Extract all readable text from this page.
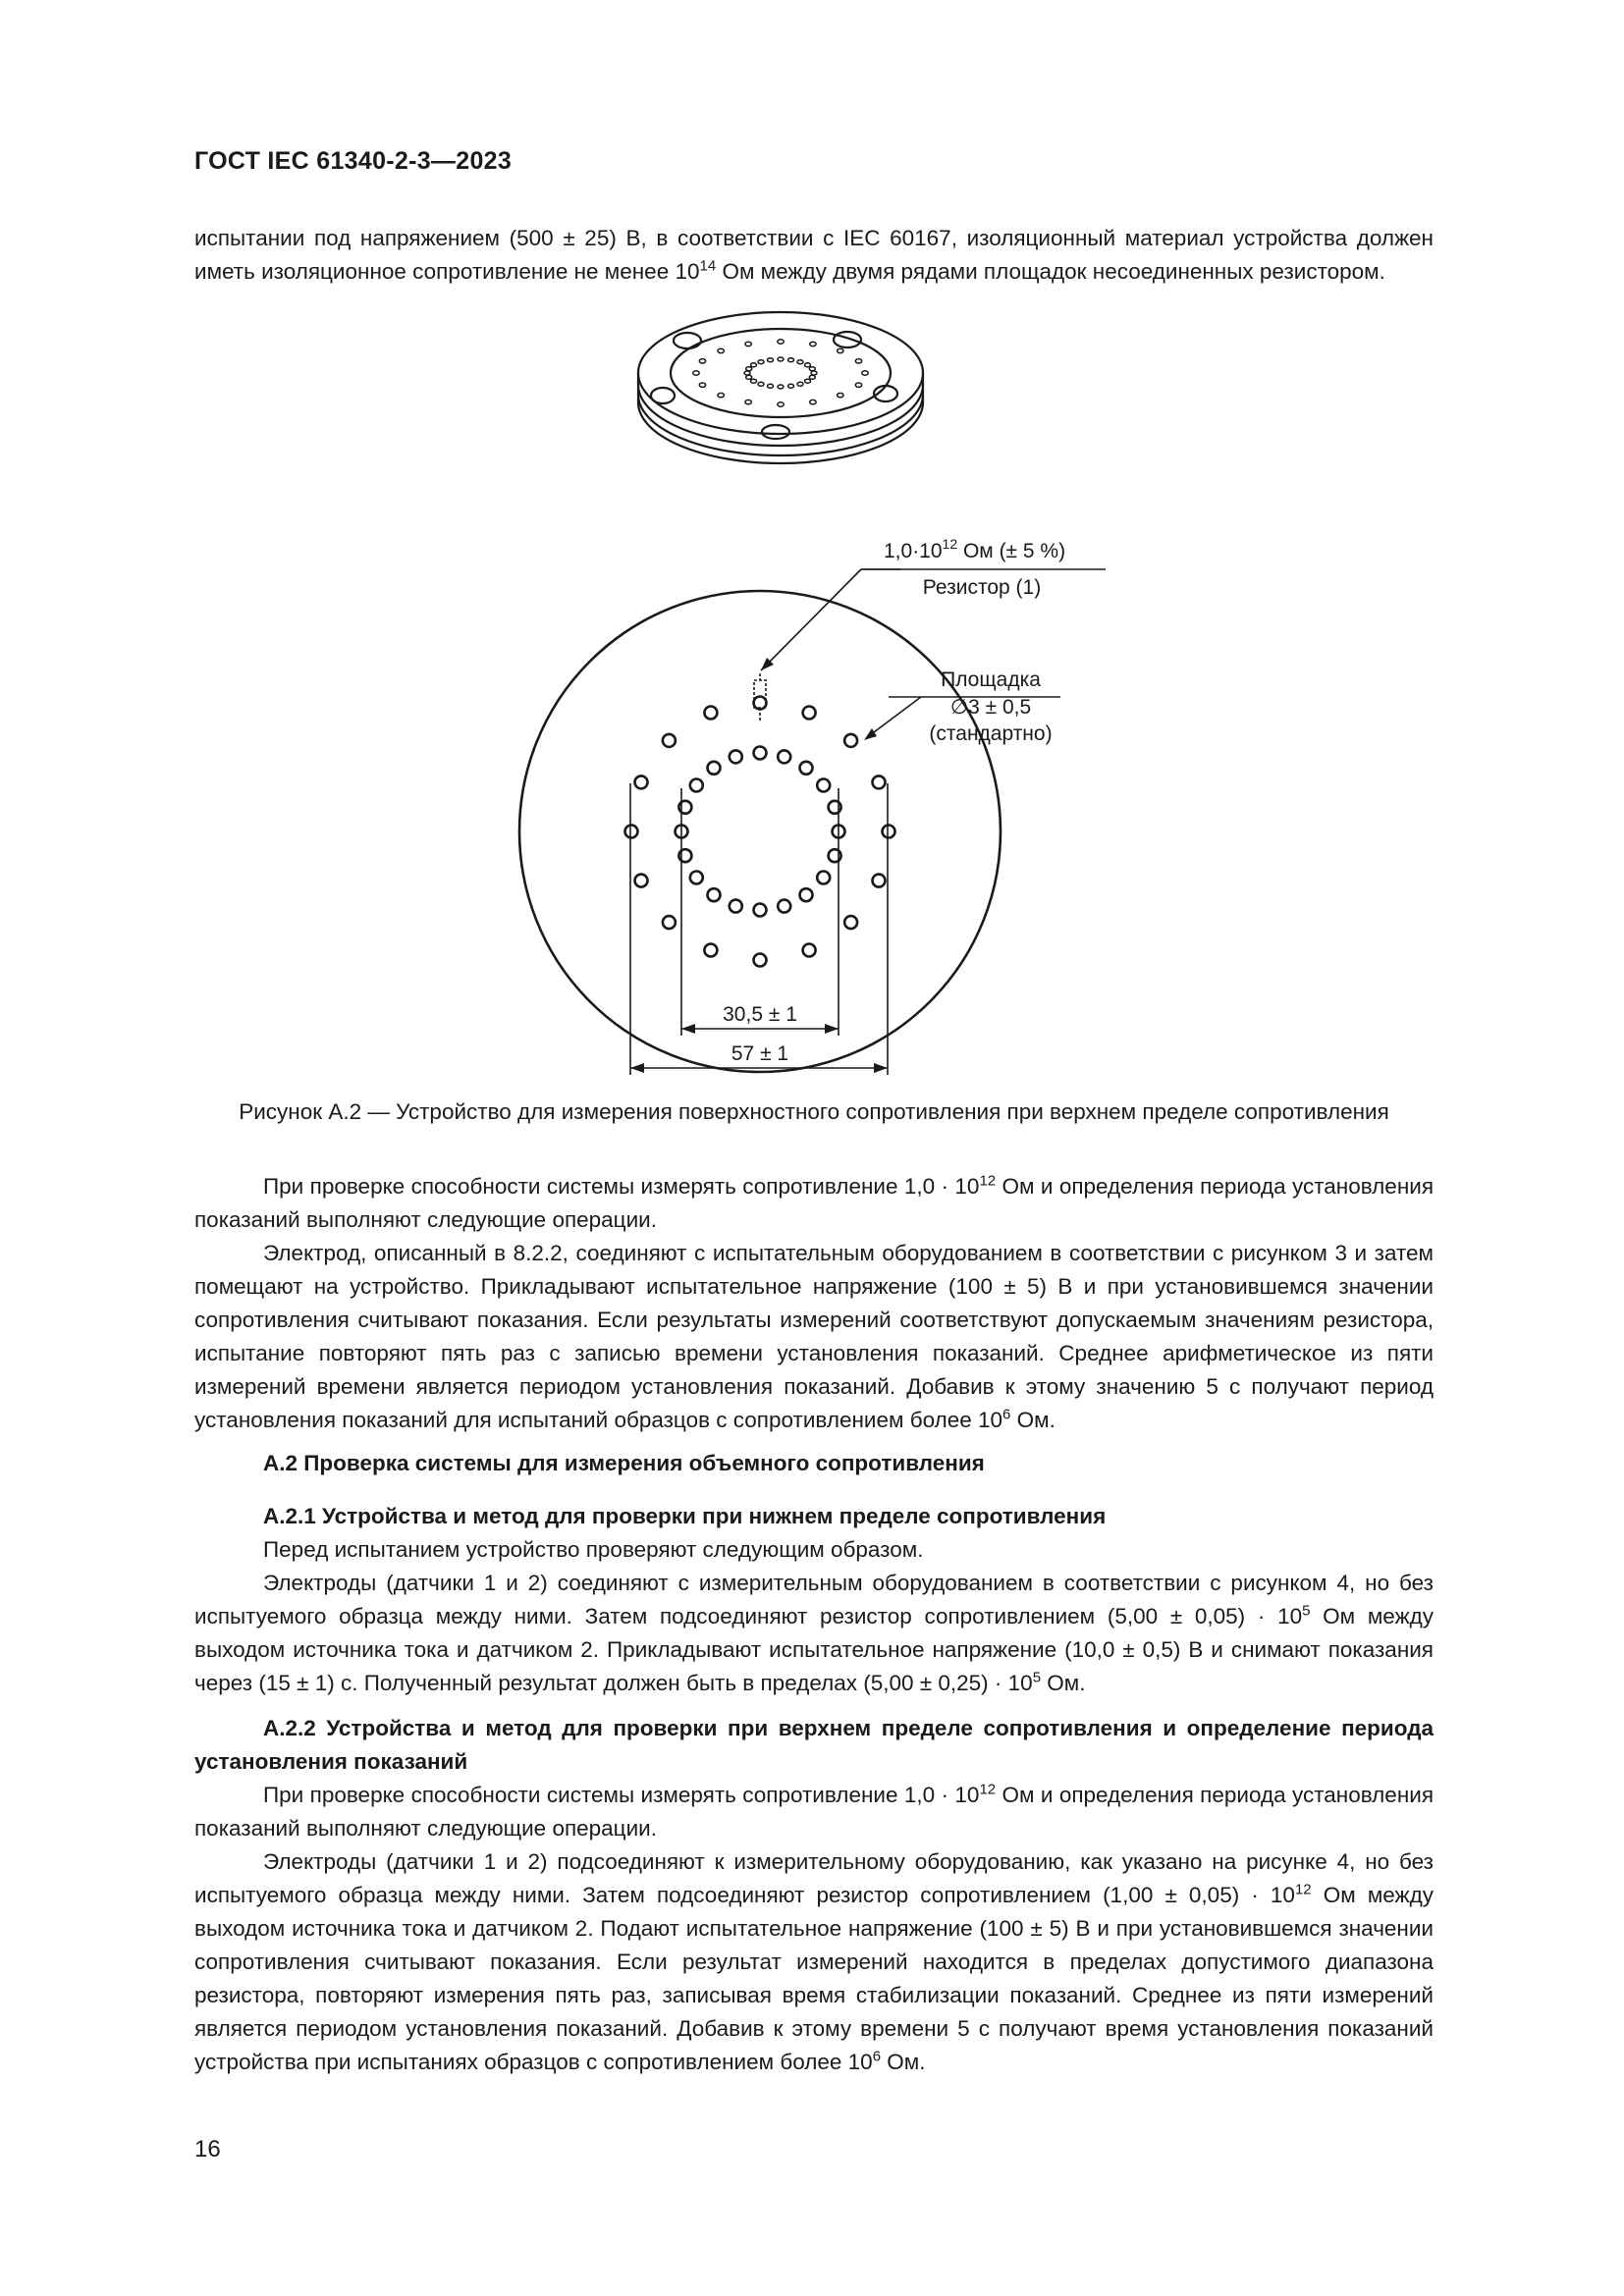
ГОСТ IEC 61340-2-3—2023

испытании под напряжением (500 ± 25) В, в соответствии с IEC 60167, изоляционный материал устройства должен иметь изоляционное сопротивление не менее $10^{14}$ Ом между двумя рядами площадок несоединенных резистором.

$1,0\cdot 10^{12}$ Ом (± 5 %)
Резистор (1)
Площадка
∅3 ± 0,5
(стандартно)
30,5 ± 1
57 ± 1
Рисунок А.2 — Устройство для измерения поверхностного сопротивления при верхнем пределе сопротивления

При проверке способности системы измерять сопротивление $1,0 \cdot 10^{12}$ Ом и определения периода установления показаний выполняют следующие операции.

Электрод, описанный в 8.2.2, соединяют с испытательным оборудованием в соответствии с рисунком 3 и затем помещают на устройство. Прикладывают испытательное напряжение (100 ± 5) В и при установившемся значении сопротивления считывают показания. Если результаты измерений соответствуют допускаемым значениям резистора, испытание повторяют пять раз с записью времени установления показаний. Среднее арифметическое из пяти измерений времени является периодом установления показаний. Добавив к этому значению 5 с получают период установления показаний для испытаний образцов с сопротивлением более $10^6$ Ом.

А.2 Проверка системы для измерения объемного сопротивления

А.2.1 Устройства и метод для проверки при нижнем пределе сопротивления

Перед испытанием устройство проверяют следующим образом.

Электроды (датчики 1 и 2) соединяют с измерительным оборудованием в соответствии с рисунком 4, но без испытуемого образца между ними. Затем подсоединяют резистор сопротивлением $(5,00 \pm 0,05) \cdot 10^5$ Ом между выходом источника тока и датчиком 2. Прикладывают испытательное напряжение (10,0 ± 0,5) В и снимают показания через (15 ± 1) с. Полученный результат должен быть в пределах $(5,00 \pm 0,25) \cdot 10^5$ Ом.

А.2.2 Устройства и метод для проверки при верхнем пределе сопротивления и определение периода установления показаний

При проверке способности системы измерять сопротивление $1,0 \cdot 10^{12}$ Ом и определения периода установления показаний выполняют следующие операции.

Электроды (датчики 1 и 2) подсоединяют к измерительному оборудованию, как указано на рисунке 4, но без испытуемого образца между ними. Затем подсоединяют резистор сопротивлением $(1,00 \pm 0,05) \cdot 10^{12}$ Ом между выходом источника тока и датчиком 2. Подают испытательное напряжение (100 ± 5) В и при установившемся значении сопротивления считывают показания. Если результат измерений находится в пределах допустимого диапазона резистора, повторяют измерения пять раз, записывая время стабилизации показаний. Среднее из пяти измерений является периодом установления показаний. Добавив к этому времени 5 с получают время установления показаний устройства при испытаниях образцов с сопротивлением более $10^6$ Ом.

16
